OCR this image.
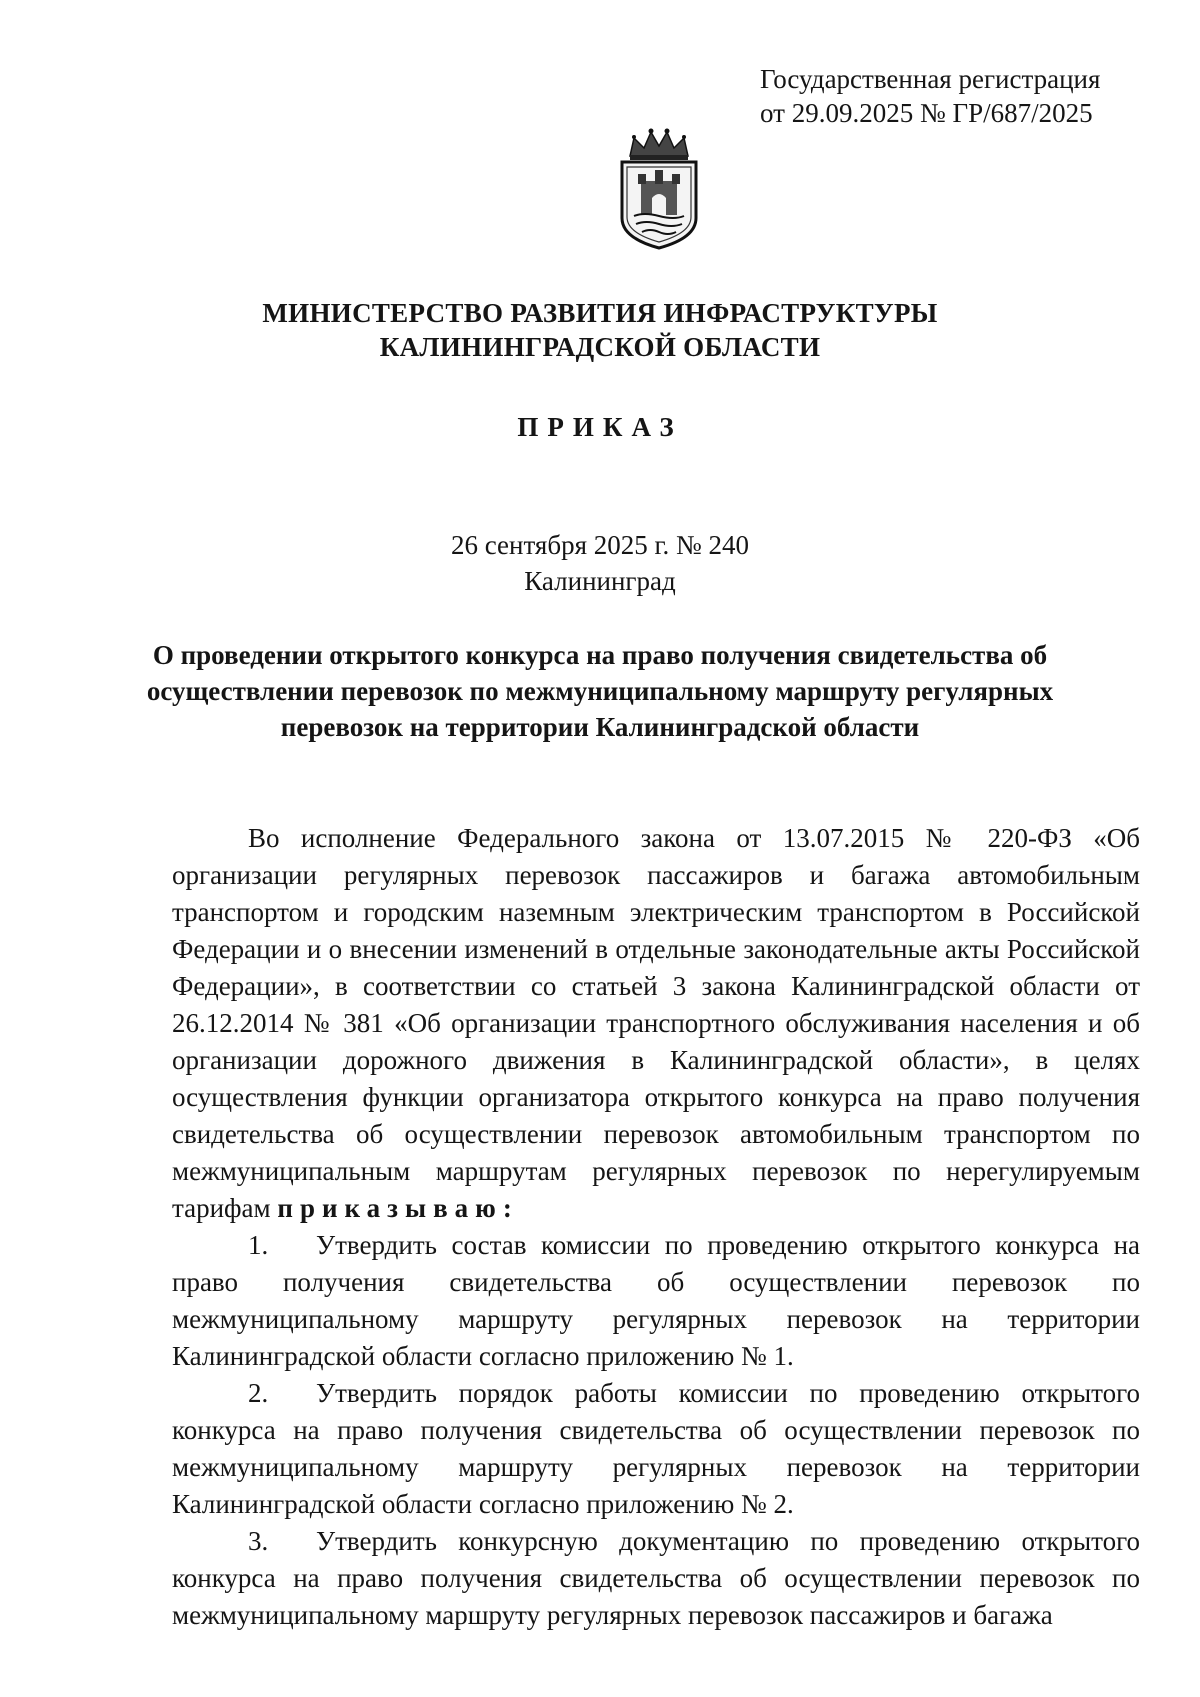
Государственная регистрация
от 29.09.2025 № ГР/687/2025
МИНИСТЕРСТВО РАЗВИТИЯ ИНФРАСТРУКТУРЫ
КАЛИНИНГРАДСКОЙ ОБЛАСТИ
ПРИКАЗ
26 сентября 2025 г. № 240
Калининград
О проведении открытого конкурса на право получения свидетельства об осуществлении перевозок по межмуниципальному маршруту регулярных перевозок на территории Калининградской области

Во исполнение Федерального закона от 13.07.2015 № 220-ФЗ «Об организации регулярных перевозок пассажиров и багажа автомобильным транспортом и городским наземным электрическим транспортом в Российской Федерации и о внесении изменений в отдельные законодательные акты Российской Федерации», в соответствии со статьей 3 закона Калининградской области от 26.12.2014 № 381 «Об организации транспортного обслуживания населения и об организации дорожного движения в Калининградской области», в целях осуществления функции организатора открытого конкурса на право получения свидетельства об осуществлении перевозок автомобильным транспортом по межмуниципальным маршрутам регулярных перевозок по нерегулируемым тарифам приказываю:

1. Утвердить состав комиссии по проведению открытого конкурса на право получения свидетельства об осуществлении перевозок по межмуниципальному маршруту регулярных перевозок на территории Калининградской области согласно приложению № 1.

2. Утвердить порядок работы комиссии по проведению открытого конкурса на право получения свидетельства об осуществлении перевозок по межмуниципальному маршруту регулярных перевозок на территории Калининградской области согласно приложению № 2.

3. Утвердить конкурсную документацию по проведению открытого конкурса на право получения свидетельства об осуществлении перевозок по межмуниципальному маршруту регулярных перевозок пассажиров и багажа
